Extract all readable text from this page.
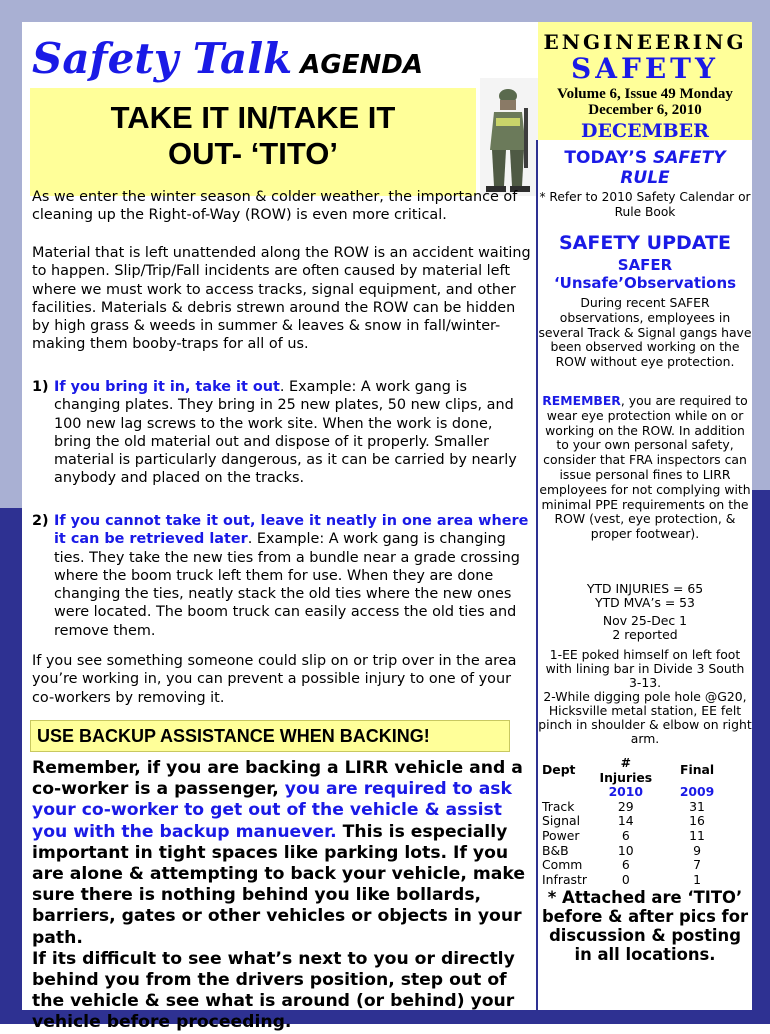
Safety Talk AGENDA
TAKE IT IN/TAKE IT
OUT- ‘TITO’
As we enter the winter season & colder weather, the importance of cleaning up the Right-of-Way (ROW) is even more critical.
Material that is left unattended along the ROW is an accident waiting to happen. Slip/Trip/Fall incidents are often caused by material left where we must work to access tracks, signal equipment, and other facilities. Materials & debris strewn around the ROW can be hidden by high grass & weeds in summer & leaves & snow in fall/winter-making them booby-traps for all of us.
1) If you bring it in, take it out. Example: A work gang is changing plates. They bring in 25 new plates, 50 new clips, and 100 new lag screws to the work site. When the work is done, bring the old material out and dispose of it properly. Smaller material is particularly dangerous, as it can be carried by nearly anybody and placed on the tracks.
2) If you cannot take it out, leave it neatly in one area where it can be retrieved later. Example: A work gang is changing ties. They take the new ties from a bundle near a grade crossing where the boom truck left them for use. When they are done changing the ties, neatly stack the old ties where the new ones were located. The boom truck can easily access the old ties and remove them.
If you see something someone could slip on or trip over in the area you’re working in, you can prevent a possible injury to one of your co-workers by removing it.
USE BACKUP ASSISTANCE WHEN BACKING!
Remember, if you are backing a LIRR vehicle and a co-worker is a passenger, you are required to ask your co-worker to get out of the vehicle & assist you with the backup manuever. This is especially important in tight spaces like parking lots. If you are alone & attempting to back your vehicle, make sure there is nothing behind you like bollards, barriers, gates or other vehicles or objects in your path.
If its difficult to see what’s next to you or directly behind you from the drivers position, step out of the vehicle & see what is around (or behind) your vehicle before proceeding.
ENGINEERING
SAFETY
Volume 6, Issue 49 Monday December 6, 2010
DECEMBER
TODAY’S SAFETY RULE
* Refer to 2010 Safety Calendar or Rule Book
SAFETY UPDATE
SAFER
‘Unsafe’Observations
During recent SAFER observations, employees in several Track & Signal gangs have been observed working on the ROW without eye protection.
REMEMBER, you are required to wear eye protection while on or working on the ROW. In addition to your own personal safety, consider that FRA inspectors can issue personal fines to LIRR employees for not complying with minimal PPE requirements on the ROW (vest, eye protection, & proper footwear).
YTD INJURIES = 65
YTD MVA’s = 53
Nov 25-Dec 1
2 reported
1-EE poked himself on left foot with lining bar in Divide 3 South 3-13.
2-While digging pole hole @G20, Hicksville metal station, EE felt pinch in shoulder & elbow on right arm.
Dept	# Injuries	Final
	2010	2009
Track	29	31
Signal	14	16
Power	6	11
B&B	10	9
Comm	6	7
Infrastr	0	1
* Attached are ‘TITO’ before & after pics for discussion & posting in all locations.
